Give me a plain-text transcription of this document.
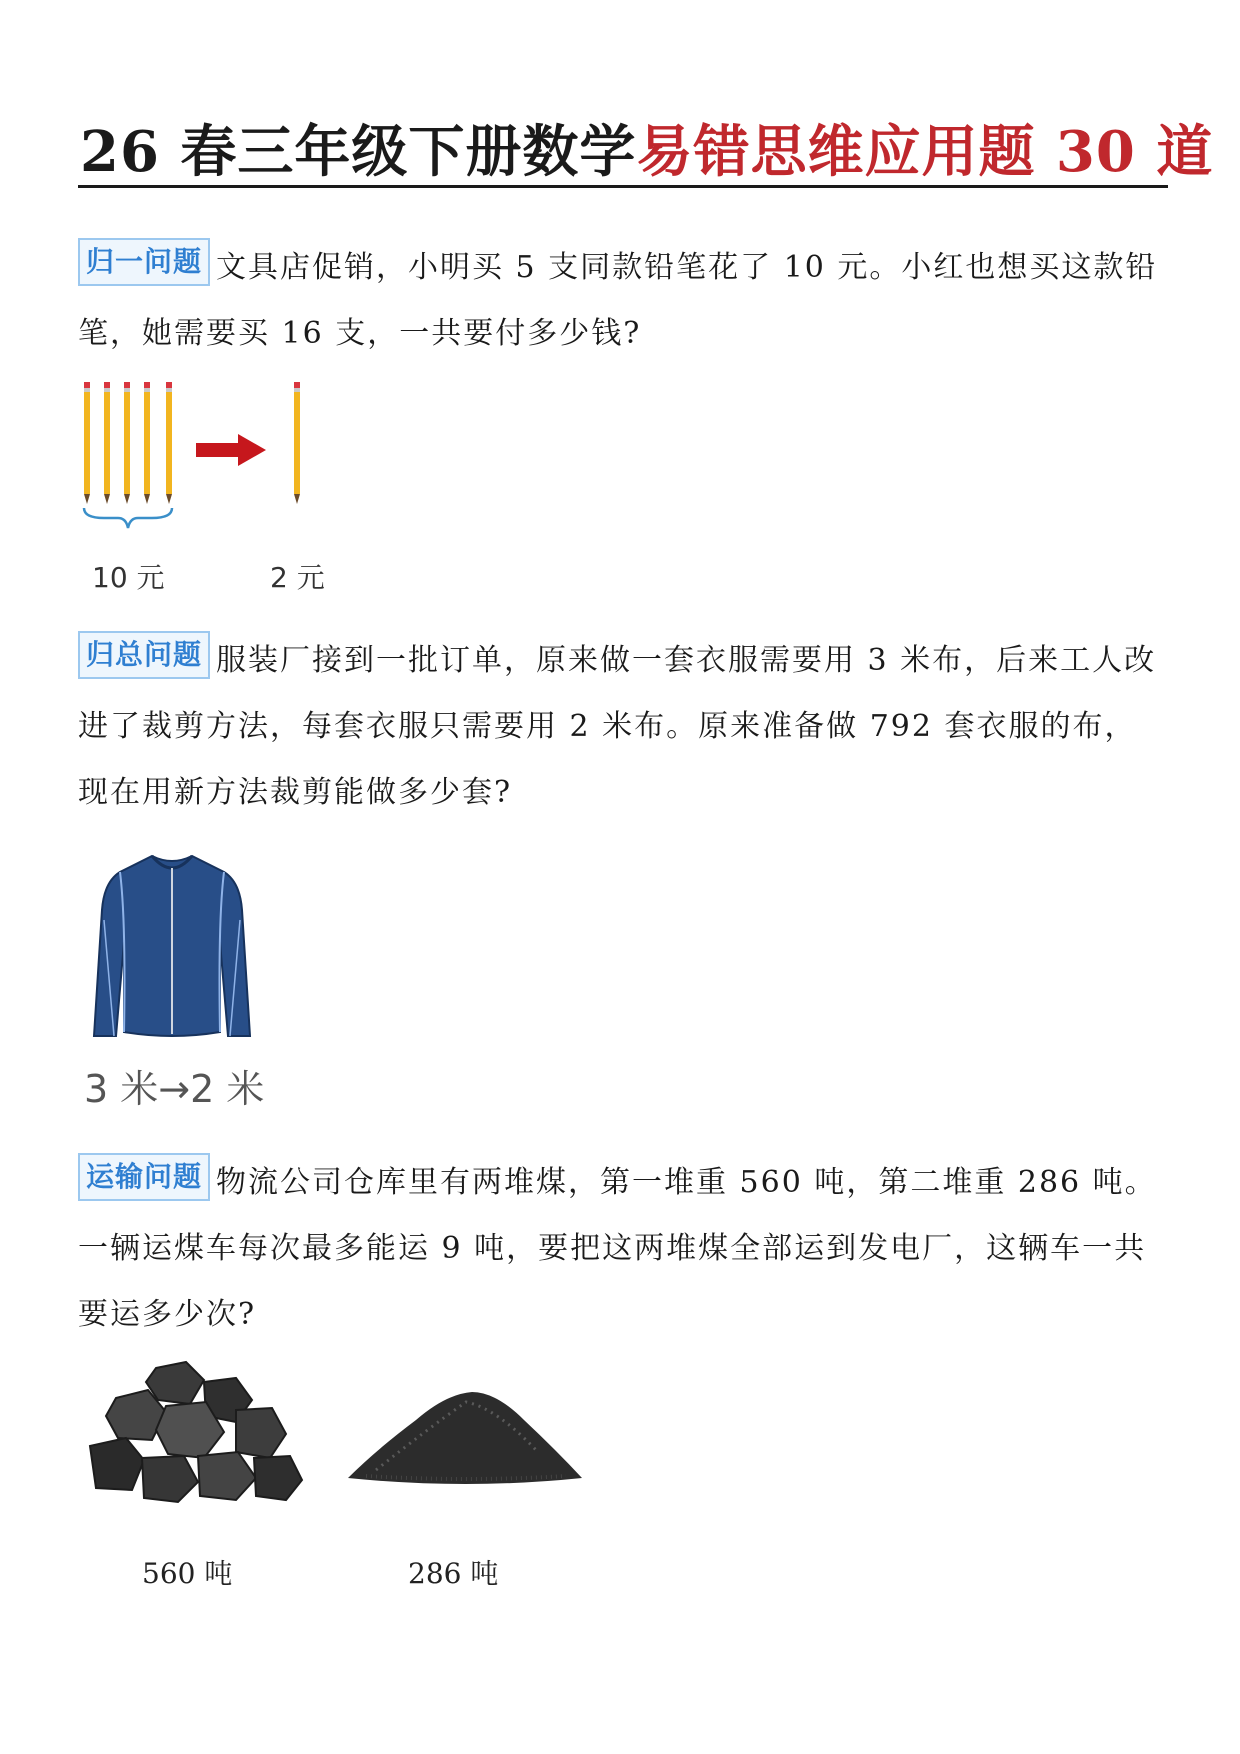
26 春三年级下册数学易错思维应用题 30 道
归一问题 文具店促销，小明买 5 支同款铅笔花了 10 元。小红也想买这款铅笔，她需要买 16 支，一共要付多少钱?
10 元	2 元
归总问题 服装厂接到一批订单，原来做一套衣服需要用 3 米布，后来工人改进了裁剪方法，每套衣服只需要用 2 米布。原来准备做 792 套衣服的布，现在用新方法裁剪能做多少套?
3 米→2 米
运输问题 物流公司仓库里有两堆煤，第一堆重 560 吨，第二堆重 286 吨。一辆运煤车每次最多能运 9 吨，要把这两堆煤全部运到发电厂，这辆车一共要运多少次?
560 吨	286 吨
